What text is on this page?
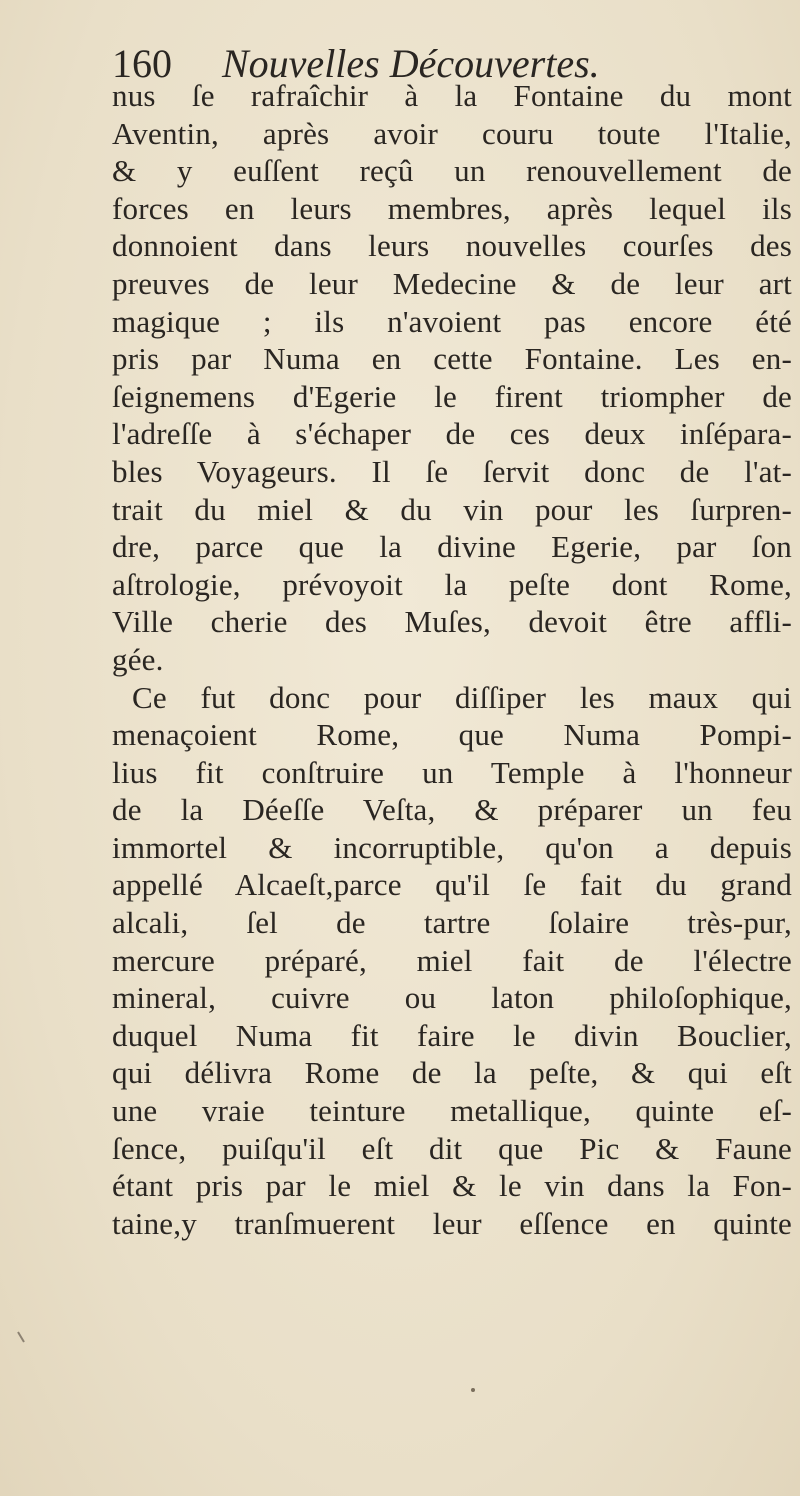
160 Nouvelles Découvertes.
nus ſe rafraîchir à la Fontaine du mont
Aventin, après avoir couru toute l'Italie,
& y euſſent reçû un renouvellement de
forces en leurs membres, après lequel ils
donnoient dans leurs nouvelles courſes des
preuves de leur Medecine & de leur art
magique ; ils n'avoient pas encore été
pris par Numa en cette Fontaine. Les en-
ſeignemens d'Egerie le firent triompher de
l'adreſſe à s'échaper de ces deux inſépara-
bles Voyageurs. Il ſe ſervit donc de l'at-
trait du miel & du vin pour les ſurpren-
dre, parce que la divine Egerie, par ſon
aſtrologie, prévoyoit la peſte dont Rome,
Ville cherie des Muſes, devoit être affli-
gée.
Ce fut donc pour diſſiper les maux qui
menaçoient Rome, que Numa Pompi-
lius fit conſtruire un Temple à l'honneur
de la Déeſſe Veſta, & préparer un feu
immortel & incorruptible, qu'on a depuis
appellé Alcaeſt,parce qu'il ſe fait du grand
alcali, ſel de tartre ſolaire très-pur,
mercure préparé, miel fait de l'électre
mineral, cuivre ou laton philoſophique,
duquel Numa fit faire le divin Bouclier,
qui délivra Rome de la peſte, & qui eſt
une vraie teinture metallique, quinte eſ-
ſence, puiſqu'il eſt dit que Pic & Faune
étant pris par le miel & le vin dans la Fon-
taine,y tranſmuerent leur eſſence en quinte
